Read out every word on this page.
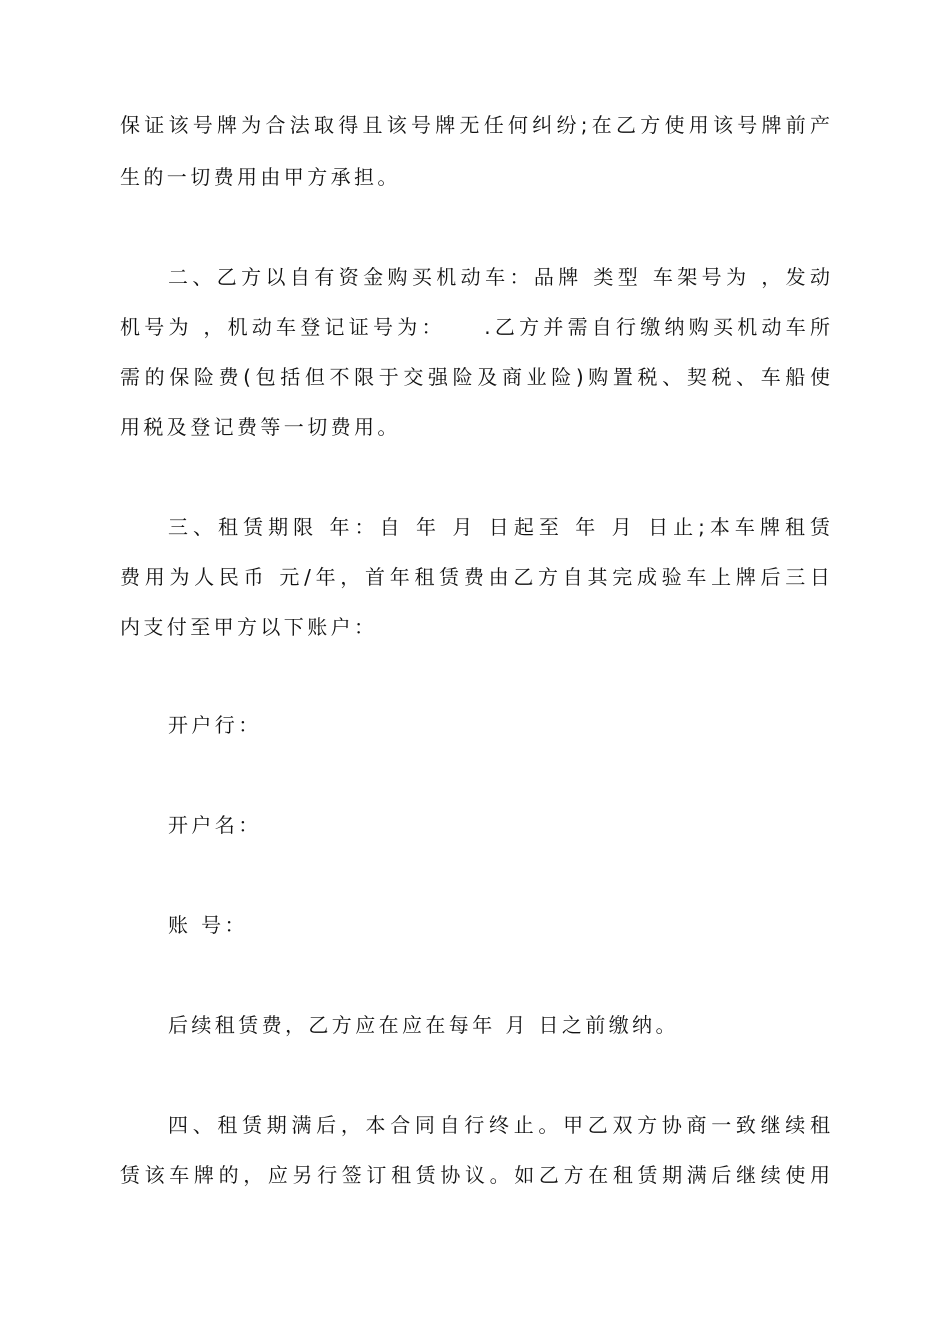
保证该号牌为合法取得且该号牌无任何纠纷;在乙方使用该号牌前产
生的一切费用由甲方承担。
二、乙方以自有资金购买机动车：品牌 类型 车架号为 ，发动
机号为 ，机动车登记证号为：　　.乙方并需自行缴纳购买机动车所
需的保险费(包括但不限于交强险及商业险)购置税、契税、车船使
用税及登记费等一切费用。
三、租赁期限 年：自 年 月 日起至 年 月 日止;本车牌租赁
费用为人民币 元/年，首年租赁费由乙方自其完成验车上牌后三日
内支付至甲方以下账户：
开户行：
开户名：
账 号：
后续租赁费，乙方应在应在每年 月 日之前缴纳。
四、租赁期满后，本合同自行终止。甲乙双方协商一致继续租
赁该车牌的，应另行签订租赁协议。如乙方在租赁期满后继续使用
